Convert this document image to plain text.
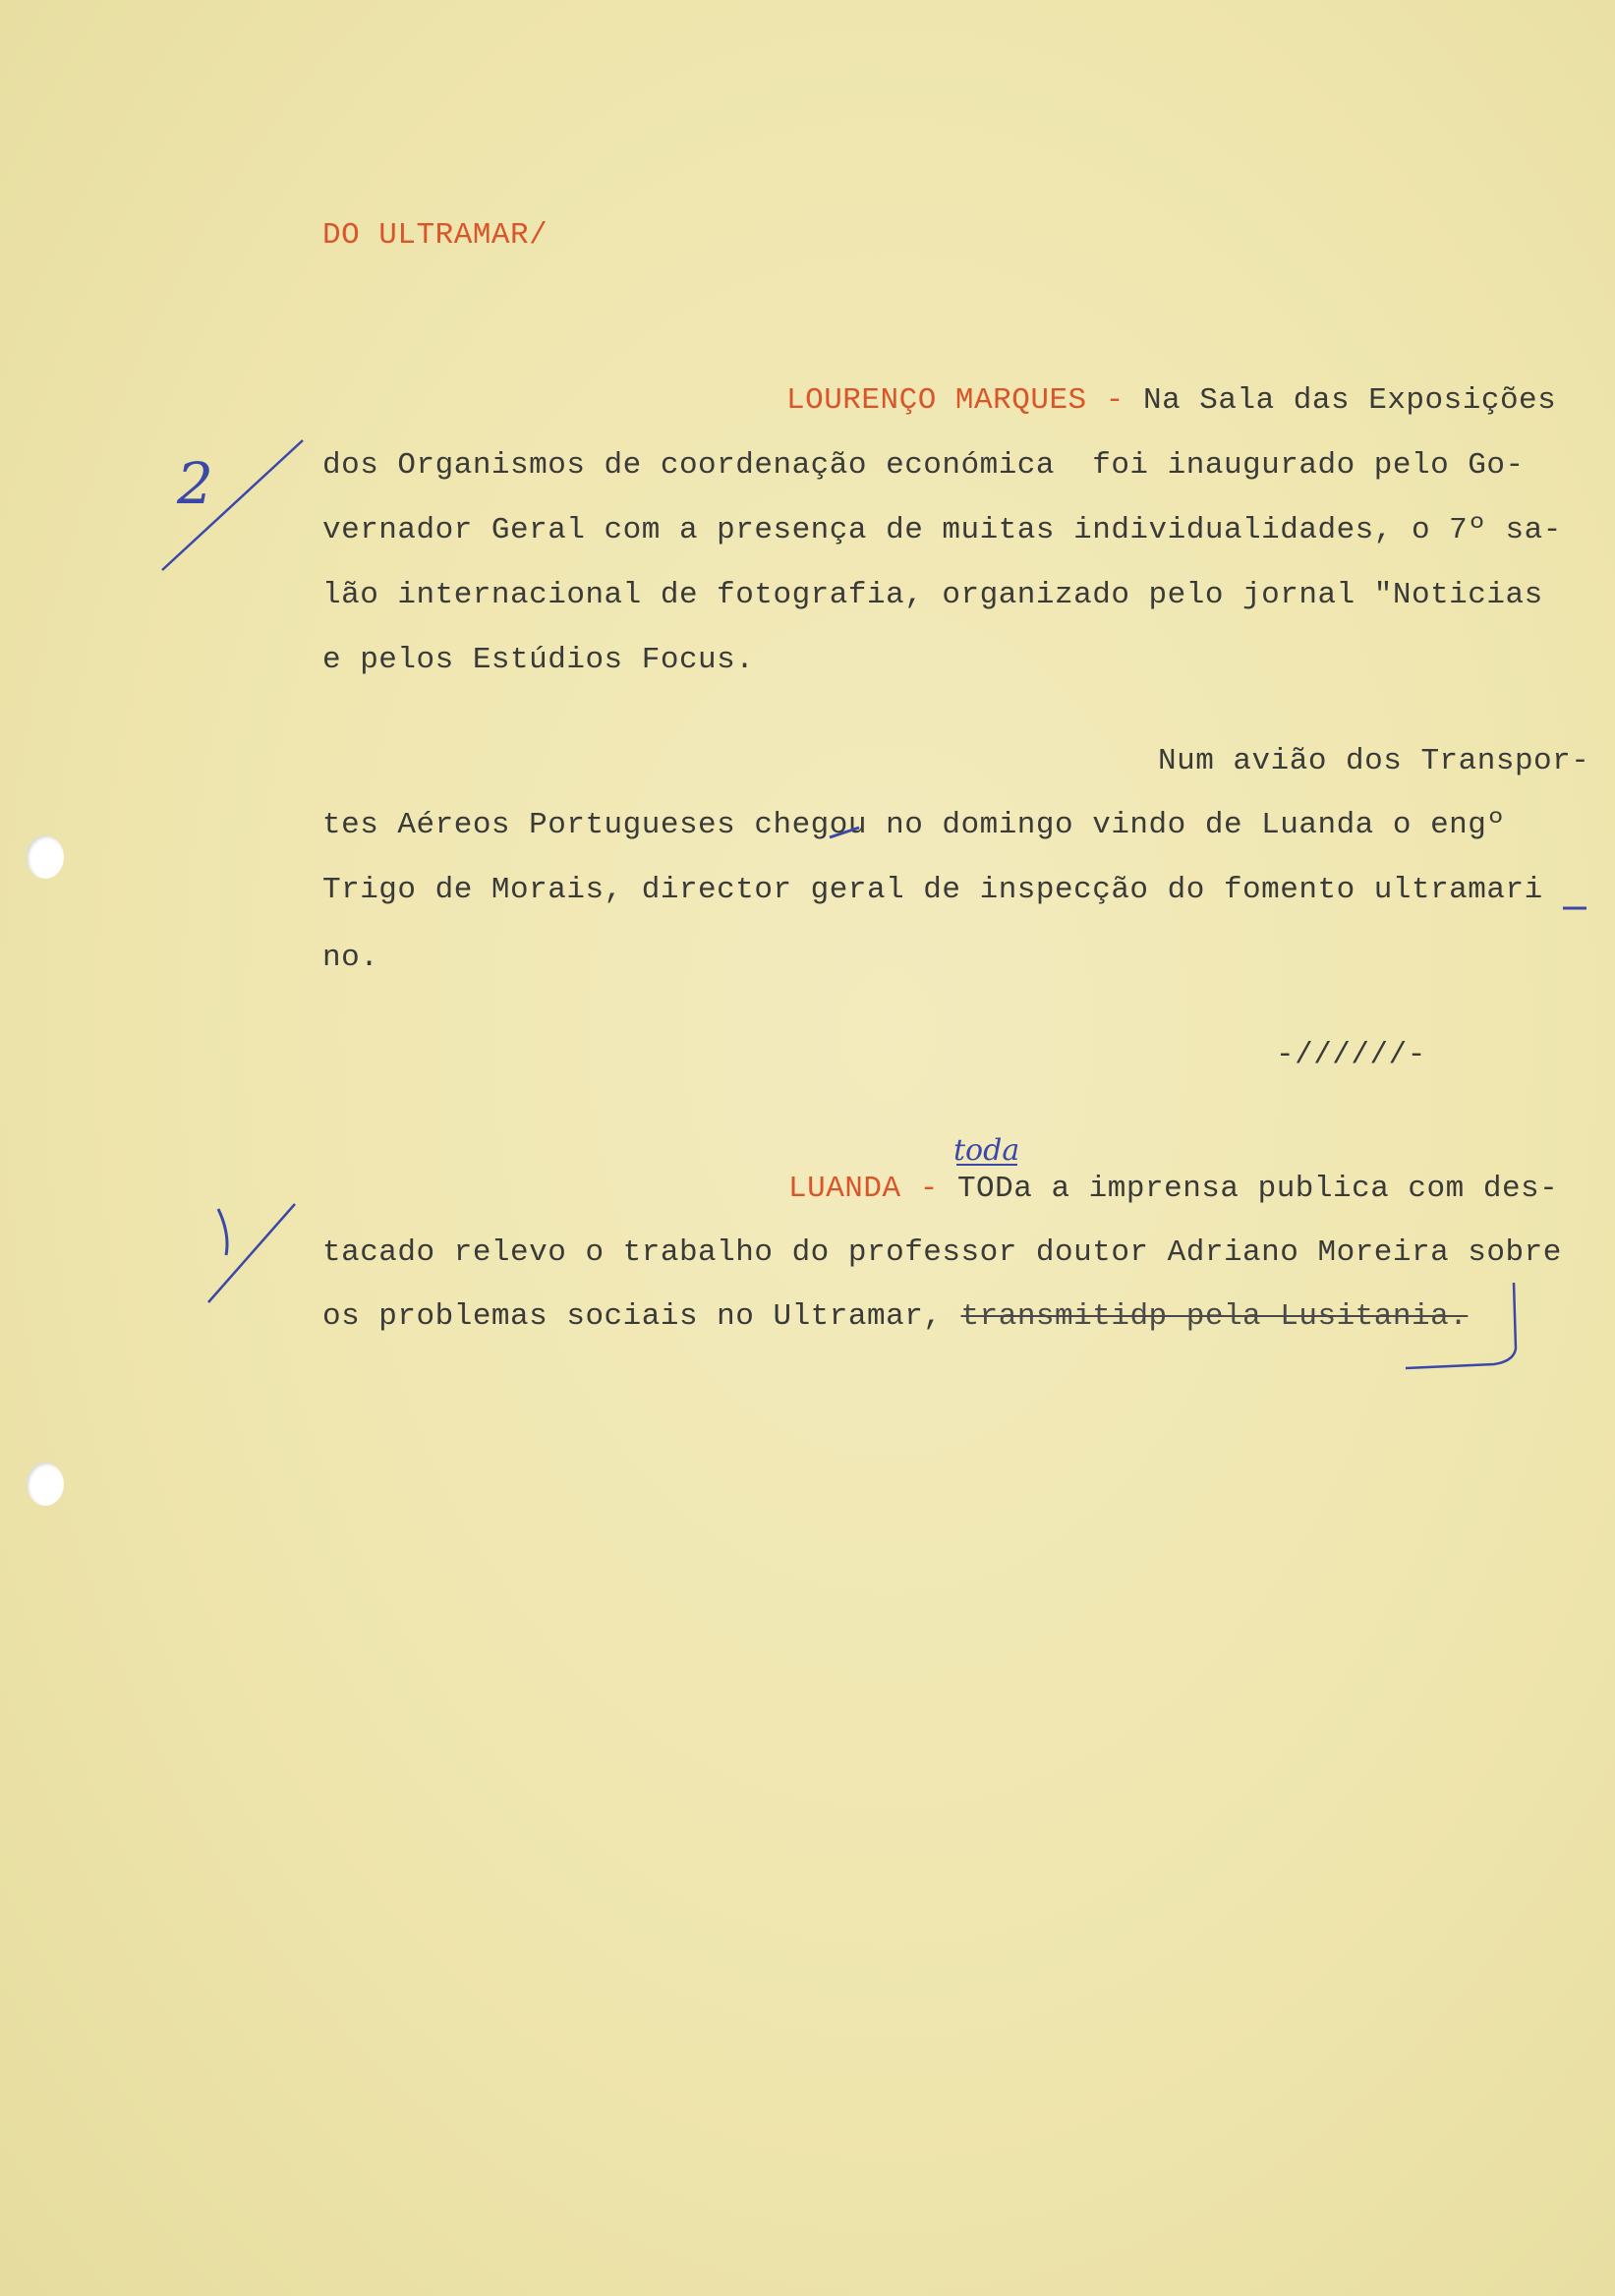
DO ULTRAMAR/
LOURENÇO MARQUES - Na Sala das Exposições
dos Organismos de coordenação económica  foi inaugurado pelo Go-
vernador Geral com a presença de muitas individualidades, o 7º sa-
lão internacional de fotografia, organizado pelo jornal "Noticias
e pelos Estúdios Focus.
Num avião dos Transpor-
tes Aéreos Portugueses chegou no domingo vindo de Luanda o engº
Trigo de Morais, director geral de inspecção do fomento ultramari
no.
-//////-
LUANDA - TODa a imprensa publica com des-
tacado relevo o trabalho do professor doutor Adriano Moreira sobre
os problemas sociais no Ultramar, transmitidp pela Lusitania.
2
1	toda
